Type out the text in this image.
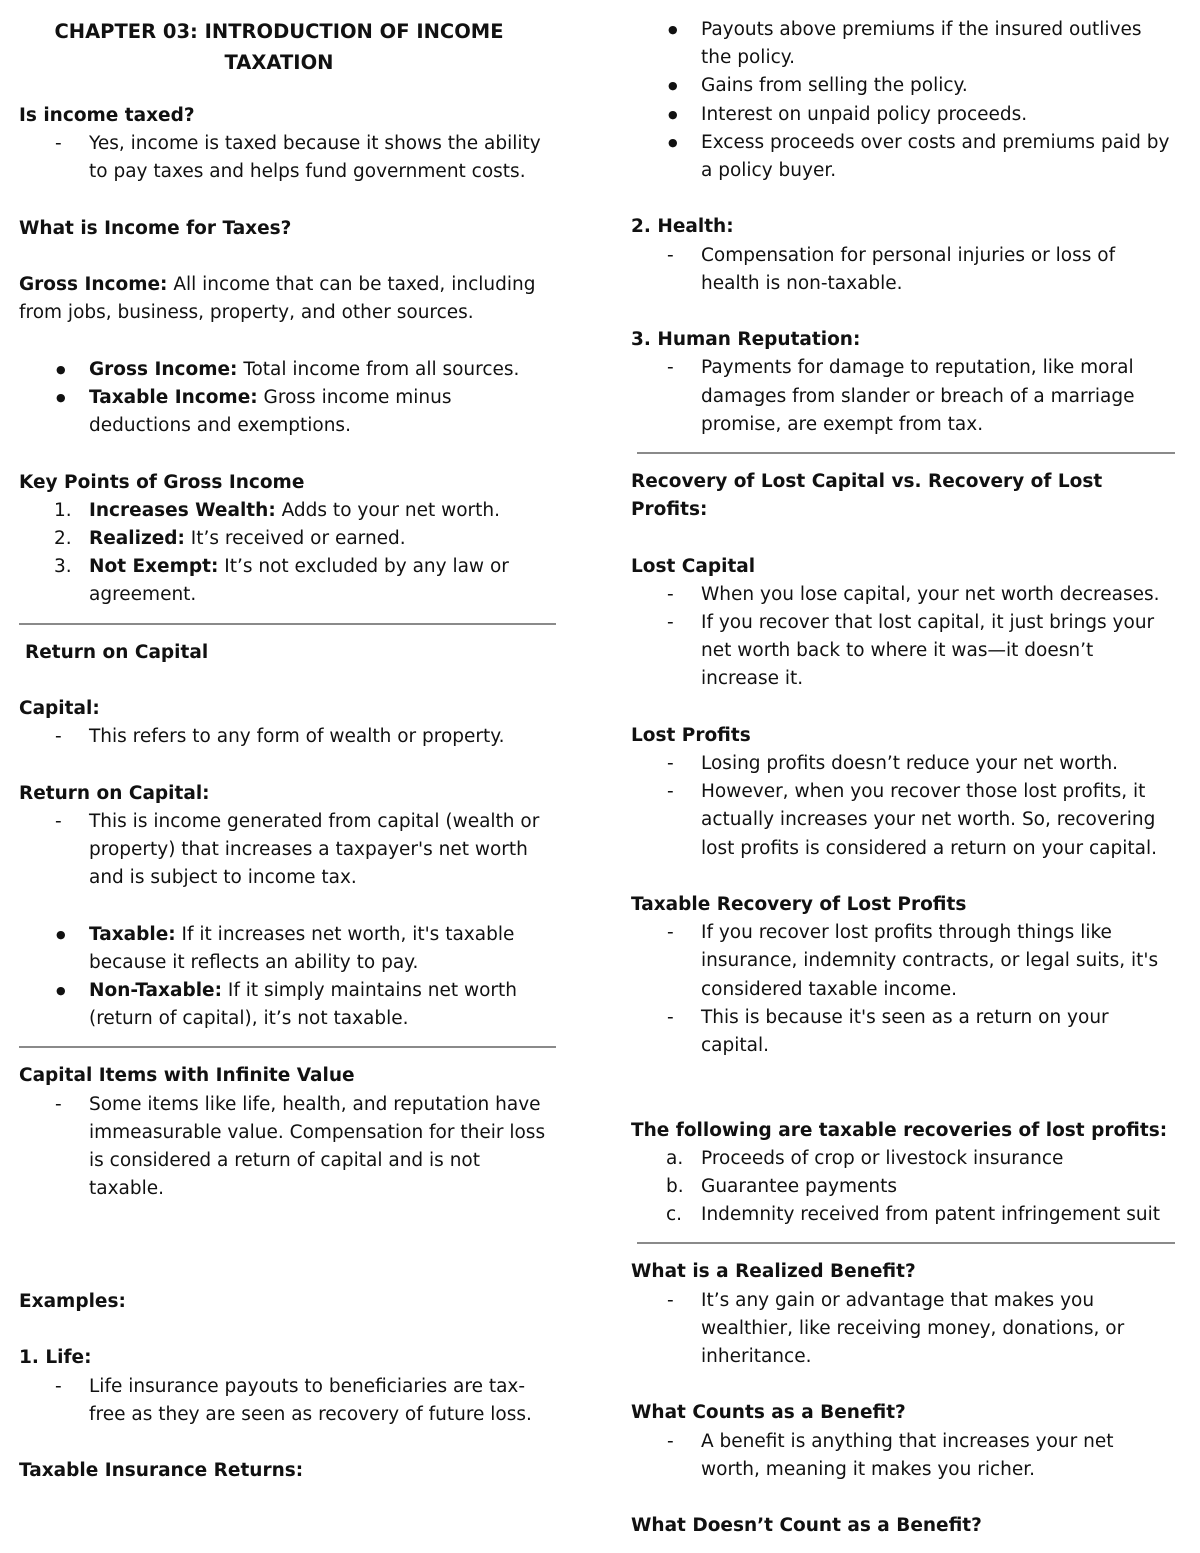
CHAPTER 03: INTRODUCTION OF INCOME TAXATION

Is income taxed?

- Yes, income is taxed because it shows the ability to pay taxes and helps fund government costs.

What is Income for Taxes?

Gross Income: All income that can be taxed, including from jobs, business, property, and other sources.

● Gross Income: Total income from all sources.
● Taxable Income: Gross income minus deductions and exemptions.

Key Points of Gross Income

1. Increases Wealth: Adds to your net worth.
2. Realized: It’s received or earned.
3. Not Exempt: It’s not excluded by any law or agreement.

Return on Capital

Capital:

- This refers to any form of wealth or property.

Return on Capital:

- This is income generated from capital (wealth or property) that increases a taxpayer's net worth and is subject to income tax.
● Taxable: If it increases net worth, it's taxable because it reflects an ability to pay.
● Non-Taxable: If it simply maintains net worth (return of capital), it’s not taxable.

Capital Items with Infinite Value

- Some items like life, health, and reputation have immeasurable value. Compensation for their loss is considered a return of capital and is not taxable.

Examples:

1. Life:

- Life insurance payouts to beneficiaries are tax-free as they are seen as recovery of future loss.

Taxable Insurance Returns:

● Payouts above premiums if the insured outlives the policy.
● Gains from selling the policy.
● Interest on unpaid policy proceeds.
● Excess proceeds over costs and premiums paid by a policy buyer.

2. Health:

- Compensation for personal injuries or loss of health is non-taxable.

3. Human Reputation:

- Payments for damage to reputation, like moral damages from slander or breach of a marriage promise, are exempt from tax.

Recovery of Lost Capital vs. Recovery of Lost Profits:

Lost Capital

- When you lose capital, your net worth decreases.
- If you recover that lost capital, it just brings your net worth back to where it was—it doesn’t increase it.

Lost Profits

- Losing profits doesn’t reduce your net worth.
- However, when you recover those lost profits, it actually increases your net worth. So, recovering lost profits is considered a return on your capital.

Taxable Recovery of Lost Profits

- If you recover lost profits through things like insurance, indemnity contracts, or legal suits, it's considered taxable income.
- This is because it's seen as a return on your capital.

The following are taxable recoveries of lost profits:

a. Proceeds of crop or livestock insurance
b. Guarantee payments
c. Indemnity received from patent infringement suit

What is a Realized Benefit?

- It’s any gain or advantage that makes you wealthier, like receiving money, donations, or inheritance.

What Counts as a Benefit?

- A benefit is anything that increases your net worth, meaning it makes you richer.

What Doesn’t Count as a Benefit?
